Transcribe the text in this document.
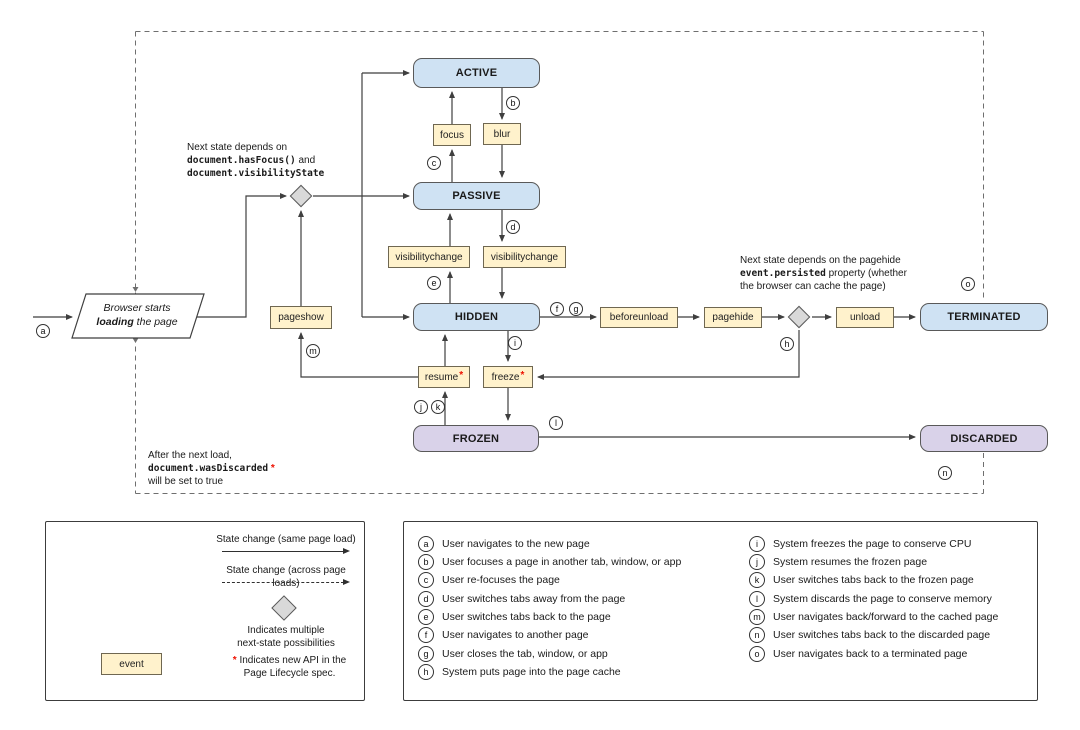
Browser starts
loading the page
ACTIVE
PASSIVE
HIDDEN	TERMINATED
FROZEN	DISCARDED
focus	blur
visibilitychange	visibilitychange
pageshow
resume *	freeze *
beforeunload	pagehide	unload
a
b
c
d
e
f	g
h
i
j	k
l
m
n
o
Next state depends on
document.hasFocus() and
document.visibilityState
Next state depends on the pagehide
event.persisted property (whether
the browser can cache the page)
After the next load,
document.wasDiscarded *
will be set to true
event
State change (same page load)
State change (across page loads)
Indicates multiple
next-state possibilities
* Indicates new API in the
Page Lifecycle spec.
a	User navigates to the new page
b	User focuses a page in another tab, window, or app
c	User re-focuses the page
d	User switches tabs away from the page
e	User switches tabs back to the page
f	User navigates to another page
g	User closes the tab, window, or app
h	System puts page into the page cache
i	System freezes the page to conserve CPU
j	System resumes the frozen page
k	User switches tabs back to the frozen page
l	System discards the page to conserve memory
m	User navigates back/forward to the cached page
n	User switches tabs back to the discarded page
o	User navigates back to a terminated page
